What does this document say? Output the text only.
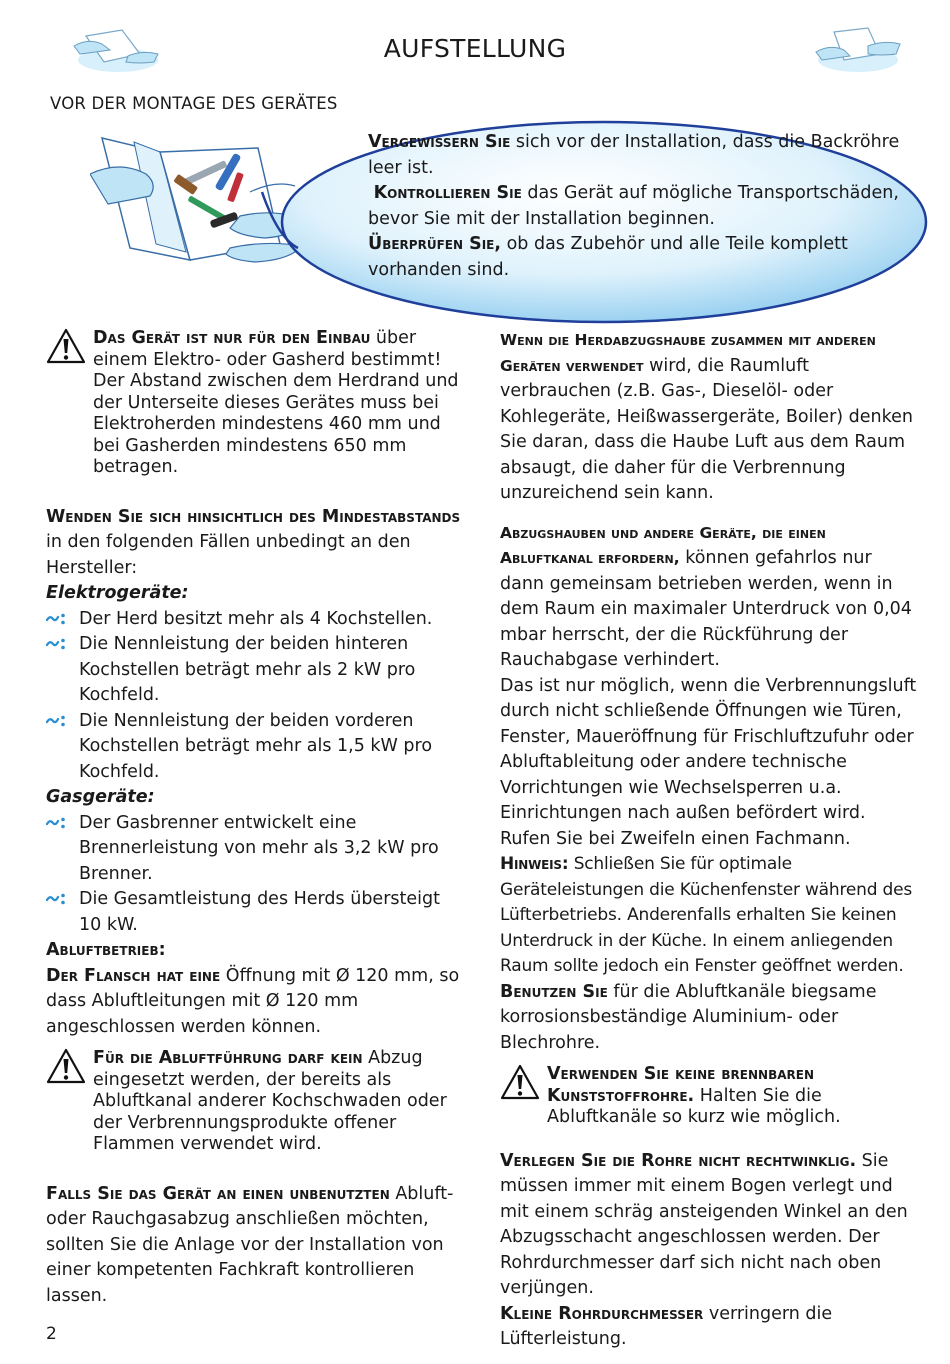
AUFSTELLUNG
VOR DER MONTAGE DES GERÄTES
Vergewissern Sie sich vor der Installation, dass die Backröhre leer ist.
Kontrollieren Sie das Gerät auf mögliche Transportschäden, bevor Sie mit der Installation beginnen.
Überprüfen Sie, ob das Zubehör und alle Teile komplett vorhanden sind.
Das Gerät ist nur für den Einbau über einem Elektro- oder Gasherd bestimmt! Der Abstand zwischen dem Herdrand und der Unterseite dieses Gerätes muss bei Elektroherden mindestens 460 mm und bei Gasherden mindestens 650 mm betragen.

Wenden Sie sich hinsichtlich des Mindestabstands in den folgenden Fällen unbedingt an den Hersteller:

Elektrogeräte:

Der Herd besitzt mehr als 4 Kochstellen.
Die Nennleistung der beiden hinteren Kochstellen beträgt mehr als 2 kW pro Kochfeld.
Die Nennleistung der beiden vorderen Kochstellen beträgt mehr als 1,5 kW pro Kochfeld.

Gasgeräte:

Der Gasbrenner entwickelt eine Brennerleistung von mehr als 3,2 kW pro Brenner.
Die Gesamtleistung des Herds übersteigt 10 kW.

Abluftbetrieb:

Der Flansch hat eine Öffnung mit Ø 120 mm, so dass Abluftleitungen mit Ø 120 mm angeschlossen werden können.

Für die Abluftführung darf kein Abzug eingesetzt werden, der bereits als Abluftkanal anderer Kochschwaden oder der Verbrennungsprodukte offener Flammen verwendet wird.

Falls Sie das Gerät an einen unbenutzten Abluft- oder Rauchgasabzug anschließen möchten, sollten Sie die Anlage vor der Installation von einer kompetenten Fachkraft kontrollieren lassen.

Wenn die Herdabzugshaube zusammen mit anderen Geräten verwendet wird, die Raumluft verbrauchen (z.B. Gas-, Dieselöl- oder Kohlegeräte, Heißwassergeräte, Boiler) denken Sie daran, dass die Haube Luft aus dem Raum absaugt, die daher für die Verbrennung unzureichend sein kann.

Abzugshauben und andere Geräte, die einen Abluftkanal erfordern, können gefahrlos nur dann gemeinsam betrieben werden, wenn in dem Raum ein maximaler Unterdruck von 0,04 mbar herrscht, der die Rückführung der Rauchabgase verhindert.

Das ist nur möglich, wenn die Verbrennungsluft durch nicht schließende Öffnungen wie Türen, Fenster, Maueröffnung für Frischluftzufuhr oder Abluftableitung oder andere technische Vorrichtungen wie Wechselsperren u.a. Einrichtungen nach außen befördert wird. Rufen Sie bei Zweifeln einen Fachmann.

Hinweis: Schließen Sie für optimale Geräteleistungen die Küchenfenster während des Lüfterbetriebs. Anderenfalls erhalten Sie keinen Unterdruck in der Küche. In einem anliegenden Raum sollte jedoch ein Fenster geöffnet werden.

Benutzen Sie für die Abluftkanäle biegsame korrosionsbeständige Aluminium- oder Blechrohre.

Verwenden Sie keine brennbaren Kunststoffrohre. Halten Sie die Abluftkanäle so kurz wie möglich.

Verlegen Sie die Rohre nicht rechtwinklig. Sie müssen immer mit einem Bogen verlegt und mit einem schräg ansteigenden Winkel an den Abzugsschacht angeschlossen werden. Der Rohrdurchmesser darf sich nicht nach oben verjüngen.

Kleine Rohrdurchmesser verringern die Lüfterleistung.

2
